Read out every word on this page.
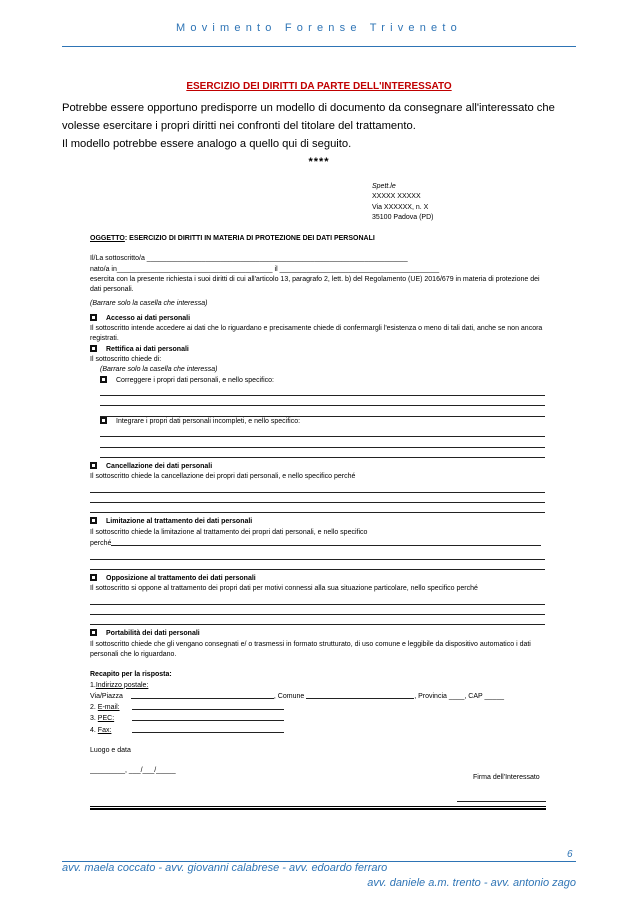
Movimento Forense Triveneto
ESERCIZIO DEI DIRITTI DA PARTE DELL'INTERESSATO
Potrebbe essere opportuno predisporre un modello di documento da consegnare all'interessato che volesse esercitare i propri diritti nei confronti del titolare del trattamento.
Il modello potrebbe essere analogo a quello qui di seguito.
****
Spett.le
XXXXX XXXXX
Via XXXXXX, n. X
35100 Padova (PD)
OGGETTO: ESERCIZIO DI DIRITTI IN MATERIA DI PROTEZIONE DEI DATI PERSONALI
Il/La sottoscritto/a ___________________________________________________________________
nato/a in________________________________________ il _________________________________________
esercita con la presente richiesta i suoi diritti di cui all'articolo 13, paragrafo 2, lett. b) del Regolamento (UE) 2016/679 in materia di protezione dei dati personali.
(Barrare solo la casella che interessa)
Accesso ai dati personali
Il sottoscritto intende accedere ai dati che lo riguardano e precisamente chiede di confermargli l'esistenza o meno di tali dati, anche se non ancora registrati.
Rettifica ai dati personali
Il sottoscritto chiede di:
(Barrare solo la casella che interessa)
Correggere i propri dati personali, e nello specifico:
Integrare i propri dati personali incompleti, e nello specifico:
Cancellazione dei dati personali
Il sottoscritto chiede la cancellazione dei propri dati personali, e nello specifico perché
Limitazione al trattamento dei dati personali
Il sottoscritto chiede la limitazione al trattamento dei propri dati personali, e nello specifico
perché
Opposizione al trattamento dei dati personali
Il sottoscritto si oppone al trattamento dei propri dati per motivi connessi alla sua situazione particolare, nello specifico perché
Portabilità dei dati personali
Il sottoscritto chiede che gli vengano consegnati e/ o trasmessi in formato strutturato, di uso comune e leggibile da dispositivo automatico i dati personali che lo riguardano.
Recapito per la risposta:
1.Indirizzo postale:
Via/Piazza	, Comune	, Provincia ____, CAP _____
2. E-mail:
3. PEC:
4. Fax:
Luogo e data
_________, ___/___/_____
Firma dell'Interessato
6
avv. maela coccato - avv. giovanni calabrese - avv. edoardo ferraro
avv. daniele a.m. trento - avv. antonio zago
